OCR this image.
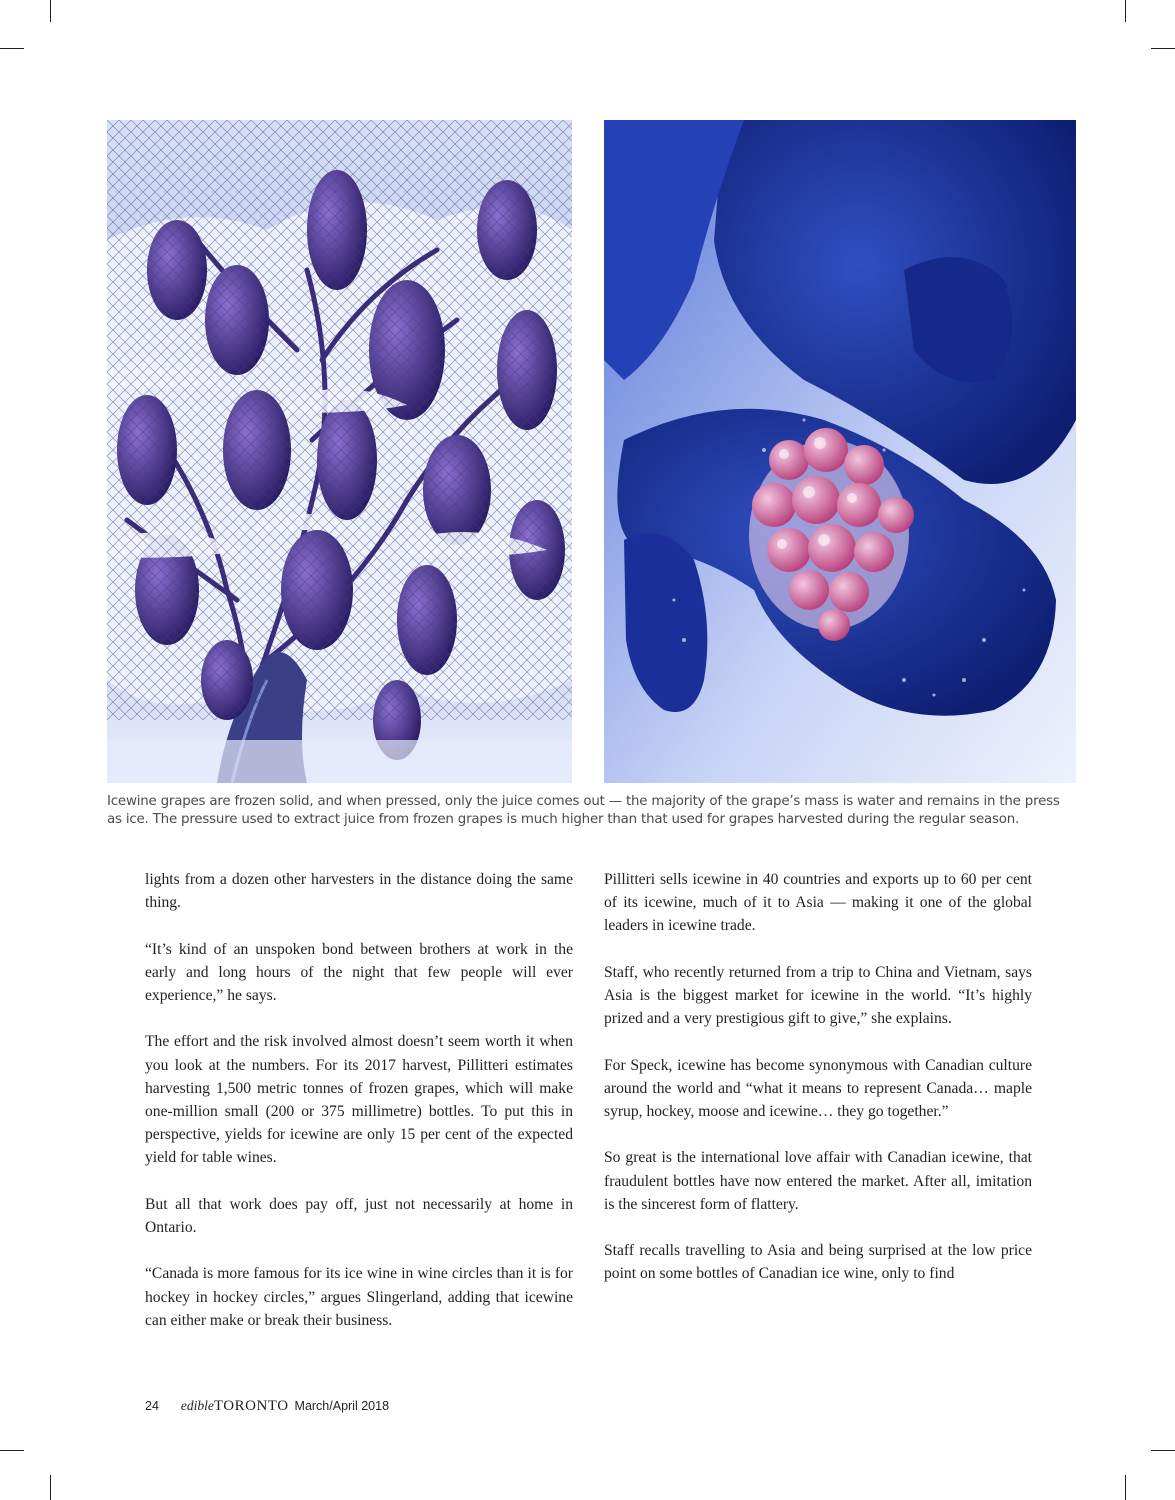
Icewine grapes are frozen solid, and when pressed, only the juice comes out — the majority of the grape’s mass is water and remains in the press

as ice. The pressure used to extract juice from frozen grapes is much higher than that used for grapes harvested during the regular season.

lights from a dozen other harvesters in the distance doing the same thing.

“It’s kind of an unspoken bond between brothers at work in the early and long hours of the night that few people will ever experience,” he says.

The effort and the risk involved almost doesn’t seem worth it when you look at the numbers. For its 2017 harvest, Pillitteri estimates harvesting 1,500 metric tonnes of frozen grapes, which will make one-million small (200 or 375 millimetre) bottles. To put this in perspective, yields for icewine are only 15 per cent of the expected yield for table wines.

But all that work does pay off, just not necessarily at home in Ontario.

“Canada is more famous for its ice wine in wine circles than it is for hockey in hockey circles,” argues Slingerland, adding that icewine can either make or break their business.

Pillitteri sells icewine in 40 countries and exports up to 60 per cent of its icewine, much of it to Asia — making it one of the global leaders in icewine trade.

Staff, who recently returned from a trip to China and Vietnam, says Asia is the biggest market for icewine in the world. “It’s highly prized and a very prestigious gift to give,” she explains.

For Speck, icewine has become synonymous with Canadian culture around the world and “what it means to represent Canada… maple syrup, hockey, moose and icewine… they go together.”

So great is the international love affair with Canadian icewine, that fraudulent bottles have now entered the market. After all, imitation is the sincerest form of flattery.

Staff recalls travelling to Asia and being surprised at the low price point on some bottles of Canadian ice wine, only to find

24 edibleTORONTO March/April 2018
